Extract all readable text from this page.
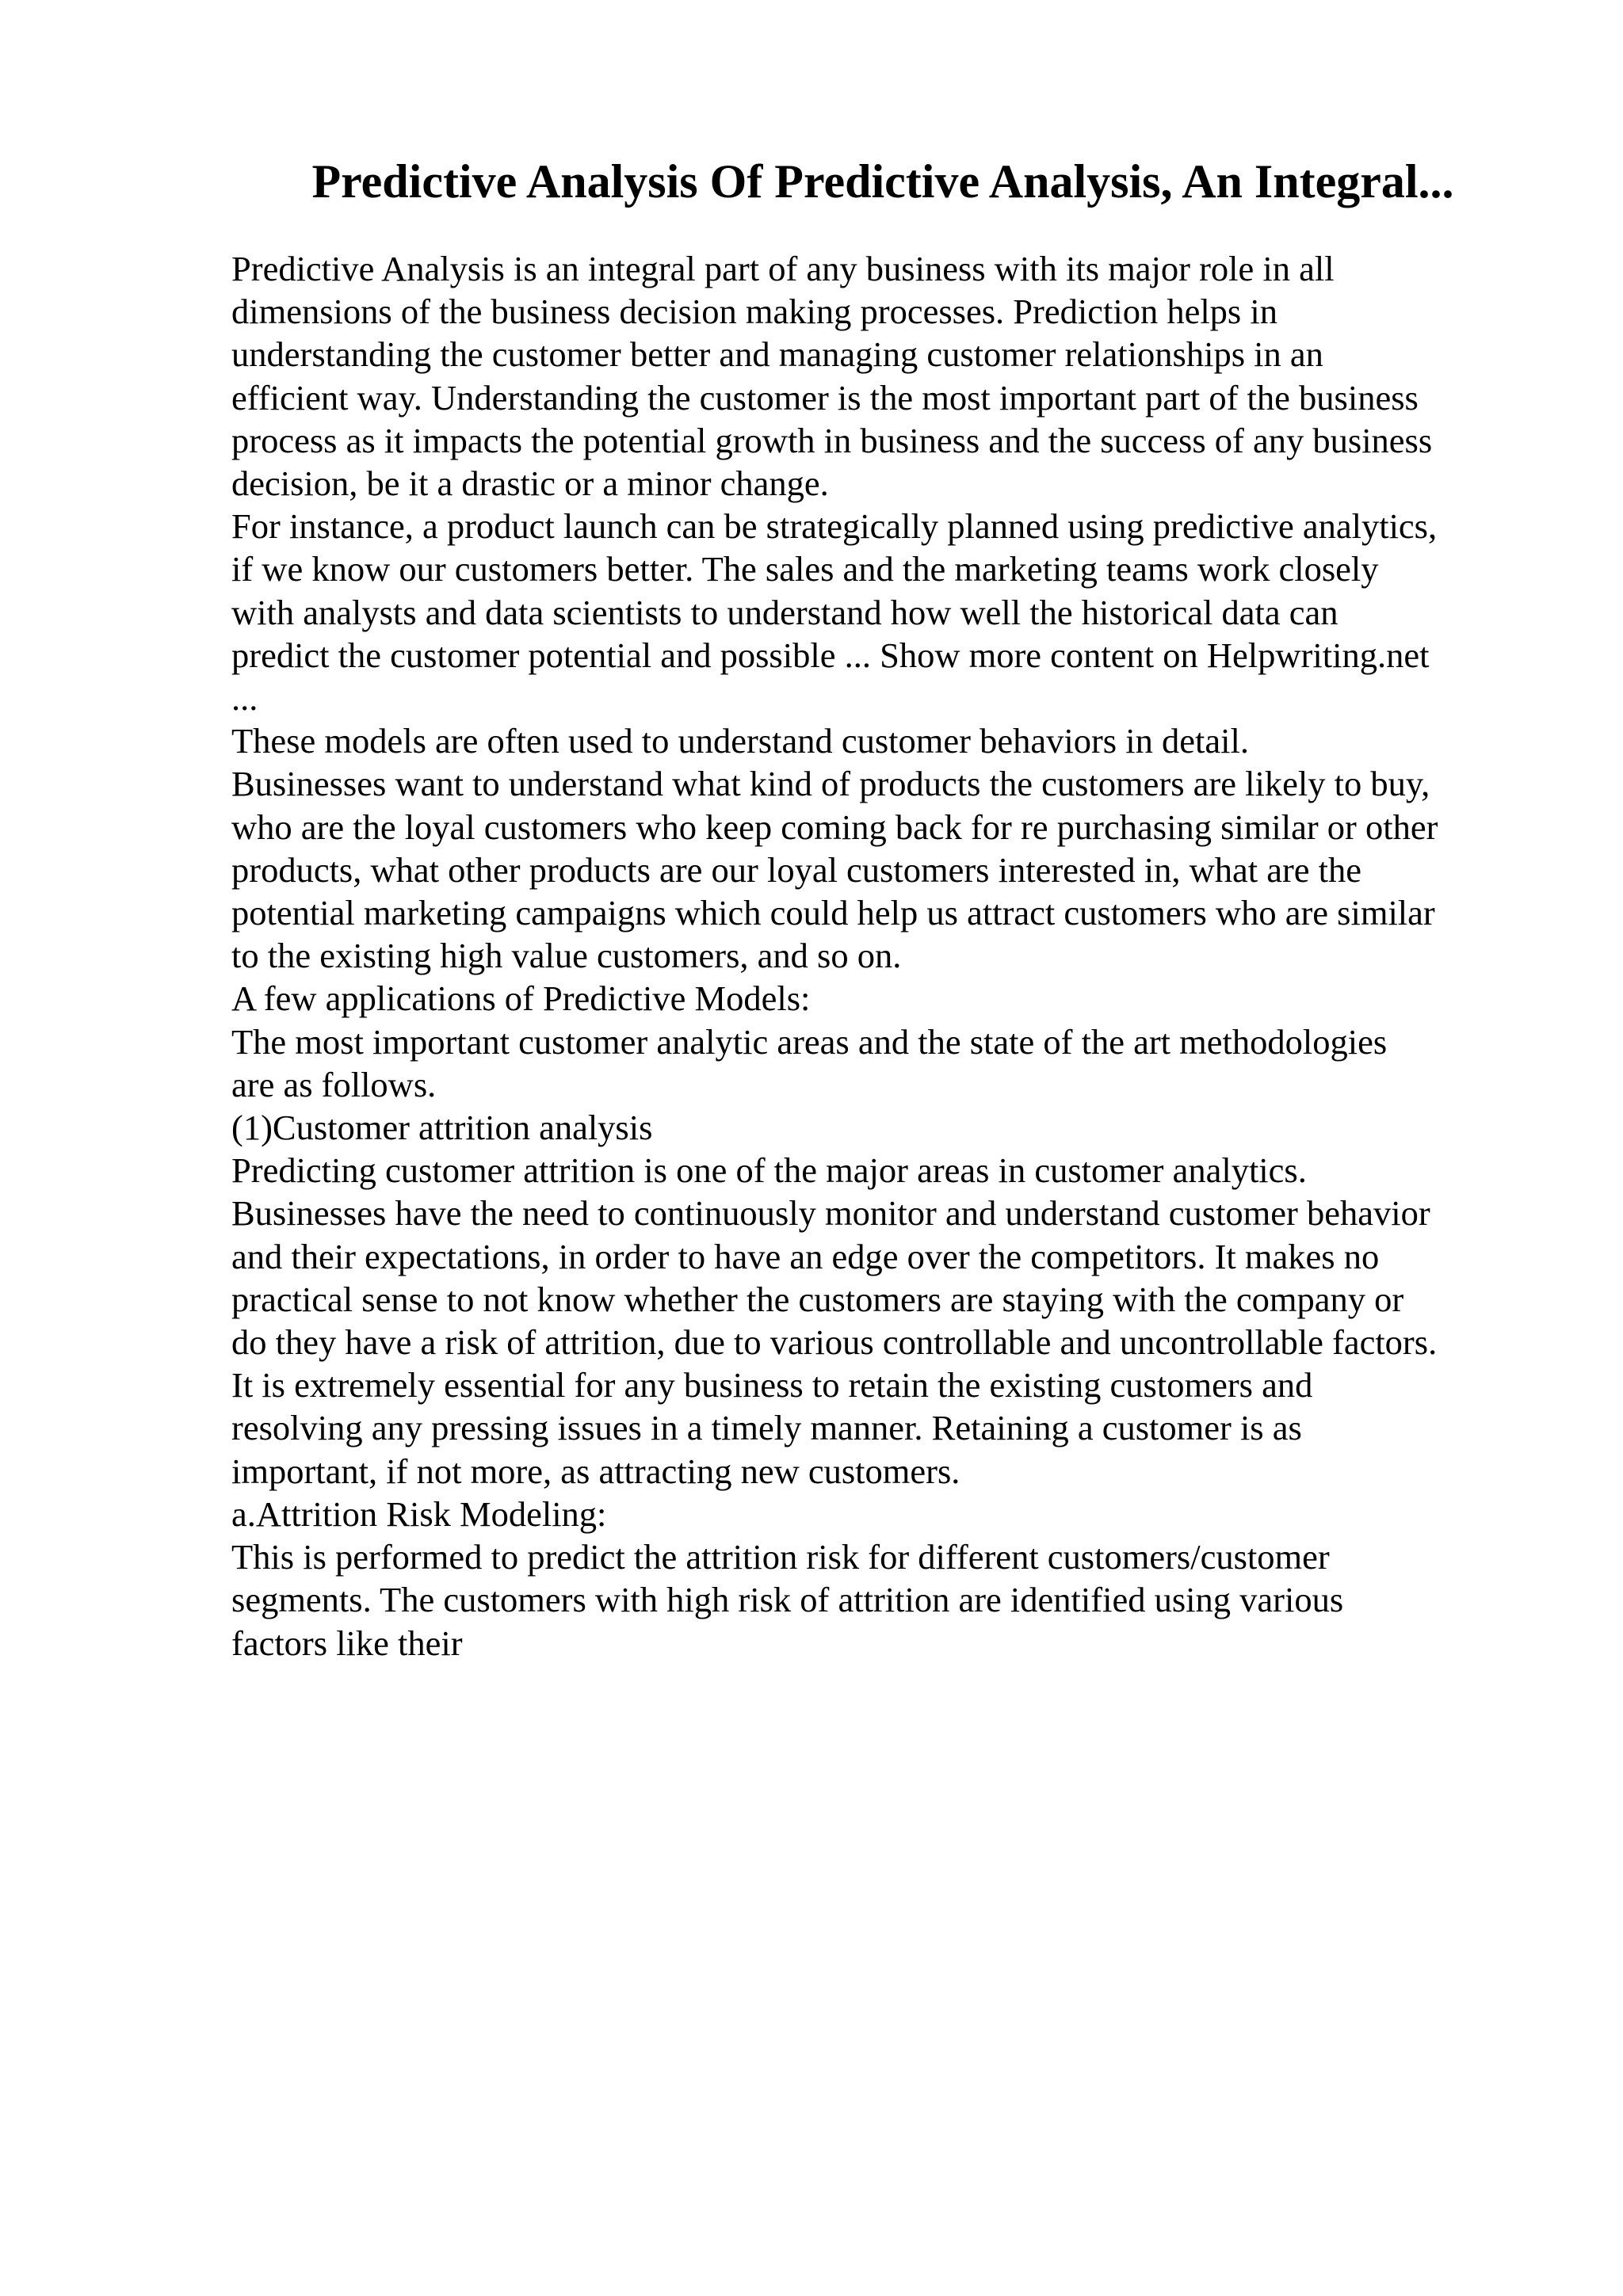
Predictive Analysis Of Predictive Analysis, An Integral...
Predictive Analysis is an integral part of any business with its major role in all
dimensions of the business decision making processes. Prediction helps in
understanding the customer better and managing customer relationships in an
efficient way. Understanding the customer is the most important part of the business
process as it impacts the potential growth in business and the success of any business
decision, be it a drastic or a minor change.
For instance, a product launch can be strategically planned using predictive analytics,
if we know our customers better. The sales and the marketing teams work closely
with analysts and data scientists to understand how well the historical data can
predict the customer potential and possible ... Show more content on Helpwriting.net
...
These models are often used to understand customer behaviors in detail.
Businesses want to understand what kind of products the customers are likely to buy,
who are the loyal customers who keep coming back for re purchasing similar or other
products, what other products are our loyal customers interested in, what are the
potential marketing campaigns which could help us attract customers who are similar
to the existing high value customers, and so on.
A few applications of Predictive Models:
The most important customer analytic areas and the state of the art methodologies
are as follows.
(1)Customer attrition analysis
Predicting customer attrition is one of the major areas in customer analytics.
Businesses have the need to continuously monitor and understand customer behavior
and their expectations, in order to have an edge over the competitors. It makes no
practical sense to not know whether the customers are staying with the company or
do they have a risk of attrition, due to various controllable and uncontrollable factors.
It is extremely essential for any business to retain the existing customers and
resolving any pressing issues in a timely manner. Retaining a customer is as
important, if not more, as attracting new customers.
a.Attrition Risk Modeling:
This is performed to predict the attrition risk for different customers/customer
segments. The customers with high risk of attrition are identified using various
factors like their
